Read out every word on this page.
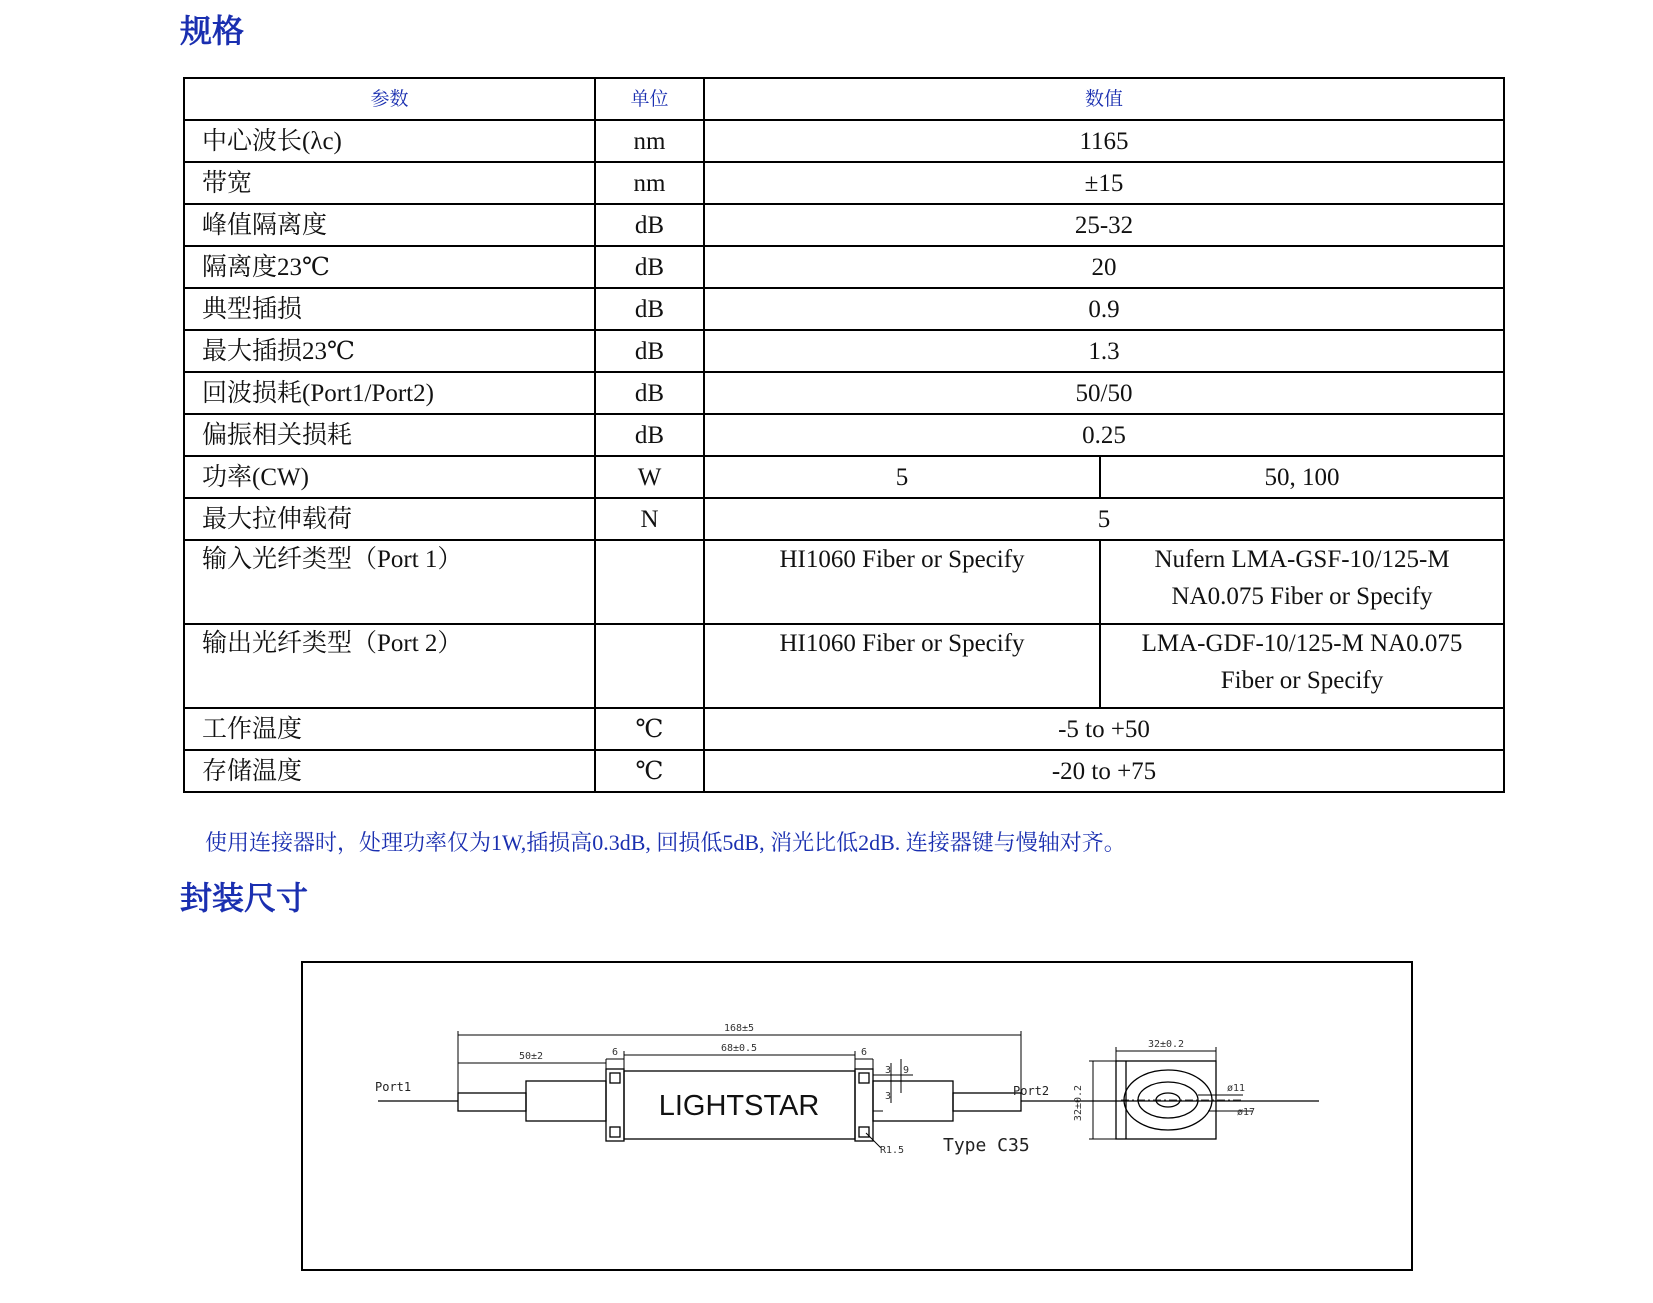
规格
参数	单位	数值	
中心波长(λc)	nm	1165	
带宽	nm	±15	
峰值隔离度	dB	25-32	
隔离度23℃	dB	20	
典型插损	dB	0.9	
最大插损23℃	dB	1.3	
回波损耗(Port1/Port2)	dB	50/50	
偏振相关损耗	dB	0.25	
功率(CW)	W	5	50, 100
最大拉伸载荷	N	5	
输入光纤类型（Port 1）		HI1060 Fiber or Specify	Nufern LMA-GSF-10/125-M
NA0.075 Fiber or Specify

输出光纤类型（Port 2）		HI1060 Fiber or Specify	LMA-GDF-10/125-M NA0.075
Fiber or Specify

工作温度	℃	-5 to +50	
存储温度	℃	-20 to +75	
使用连接器时，处理功率仅为1W,插损高0.3dB, 回损低5dB, 消光比低2dB. 连接器键与慢轴对齐。
封装尺寸
LIGHTSTAR
168±5
50±2	6	68±0.5	6
3
3
9
R1.5
32±0.2
32±0.2	ø11
ø17
Port1	Port2
Type C35
